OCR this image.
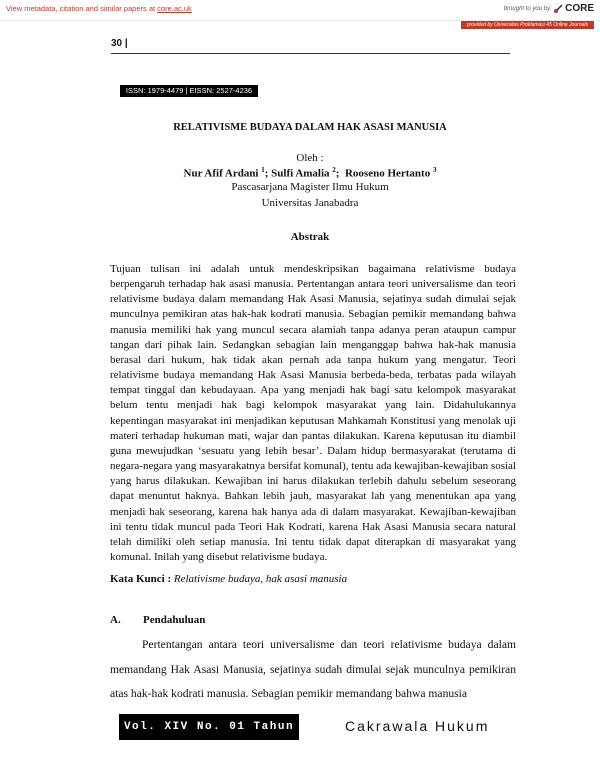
View metadata, citation and similar papers at core.ac.uk	brought to you by CORE
provided by Universitas Proklamasi 45 Online Journals
30 |
ISSN: 1979-4479 | EISSN: 2527-4236
RELATIVISME BUDAYA DALAM HAK ASASI MANUSIA
Oleh :
Nur Afif Ardani $^1$; Sulfi Amalia $^2$; Rooseno Hertanto $^3$
Pascasarjana Magister Ilmu Hukum
Universitas Janabadra
Abstrak
Tujuan tulisan ini adalah untuk mendeskripsikan bagaimana relativisme budaya berpengaruh terhadap hak asasi manusia. Pertentangan antara teori universalisme dan teori relativisme budaya dalam memandang Hak Asasi Manusia, sejatinya sudah dimulai sejak munculnya pemikiran atas hak-hak kodrati manusia. Sebagian pemikir memandang bahwa manusia memiliki hak yang muncul secara alamiah tanpa adanya peran ataupun campur tangan dari pihak lain. Sedangkan sebagian lain menganggap bahwa hak-hak manusia berasal dari hukum, hak tidak akan pernah ada tanpa hukum yang mengatur. Teori relativisme budaya memandang Hak Asasi Manusia berbeda-beda, terbatas pada wilayah tempat tinggal dan kebudayaan. Apa yang menjadi hak bagi satu kelompok masyarakat belum tentu menjadi hak bagi kelompok masyarakat yang lain. Didahulukannya kepentingan masyarakat ini menjadikan keputusan Mahkamah Konstitusi yang menolak uji materi terhadap hukuman mati, wajar dan pantas dilakukan. Karena keputusan itu diambil guna mewujudkan ‘sesuatu yang lebih besar’. Dalam hidup bermasyarakat (terutama di negara-negara yang masyarakatnya bersifat komunal), tentu ada kewajiban-kewajiban sosial yang harus dilakukan. Kewajiban ini harus dilakukan terlebih dahulu sebelum seseorang dapat menuntut haknya. Bahkan lebih jauh, masyarakat lah yang menentukan apa yang menjadi hak seseorang, karena hak hanya ada di dalam masyarakat. Kewajiban-kewajiban ini tentu tidak muncul pada Teori Hak Kodrati, karena Hak Asasi Manusia secara natural telah dimiliki oleh setiap manusia. Ini tentu tidak dapat diterapkan di masyarakat yang komunal. Inilah yang disebut relativisme budaya.
Kata Kunci : Relativisme budaya, hak asasi manusia
A. Pendahuluan
Pertentangan antara teori universalisme dan teori relativisme budaya dalam memandang Hak Asasi Manusia, sejatinya sudah dimulai sejak munculnya pemikiran atas hak-hak kodrati manusia. Sebagian pemikir memandang bahwa manusia
Vol. XIV No. 01 Tahun 2017
Cakrawala Hukum
